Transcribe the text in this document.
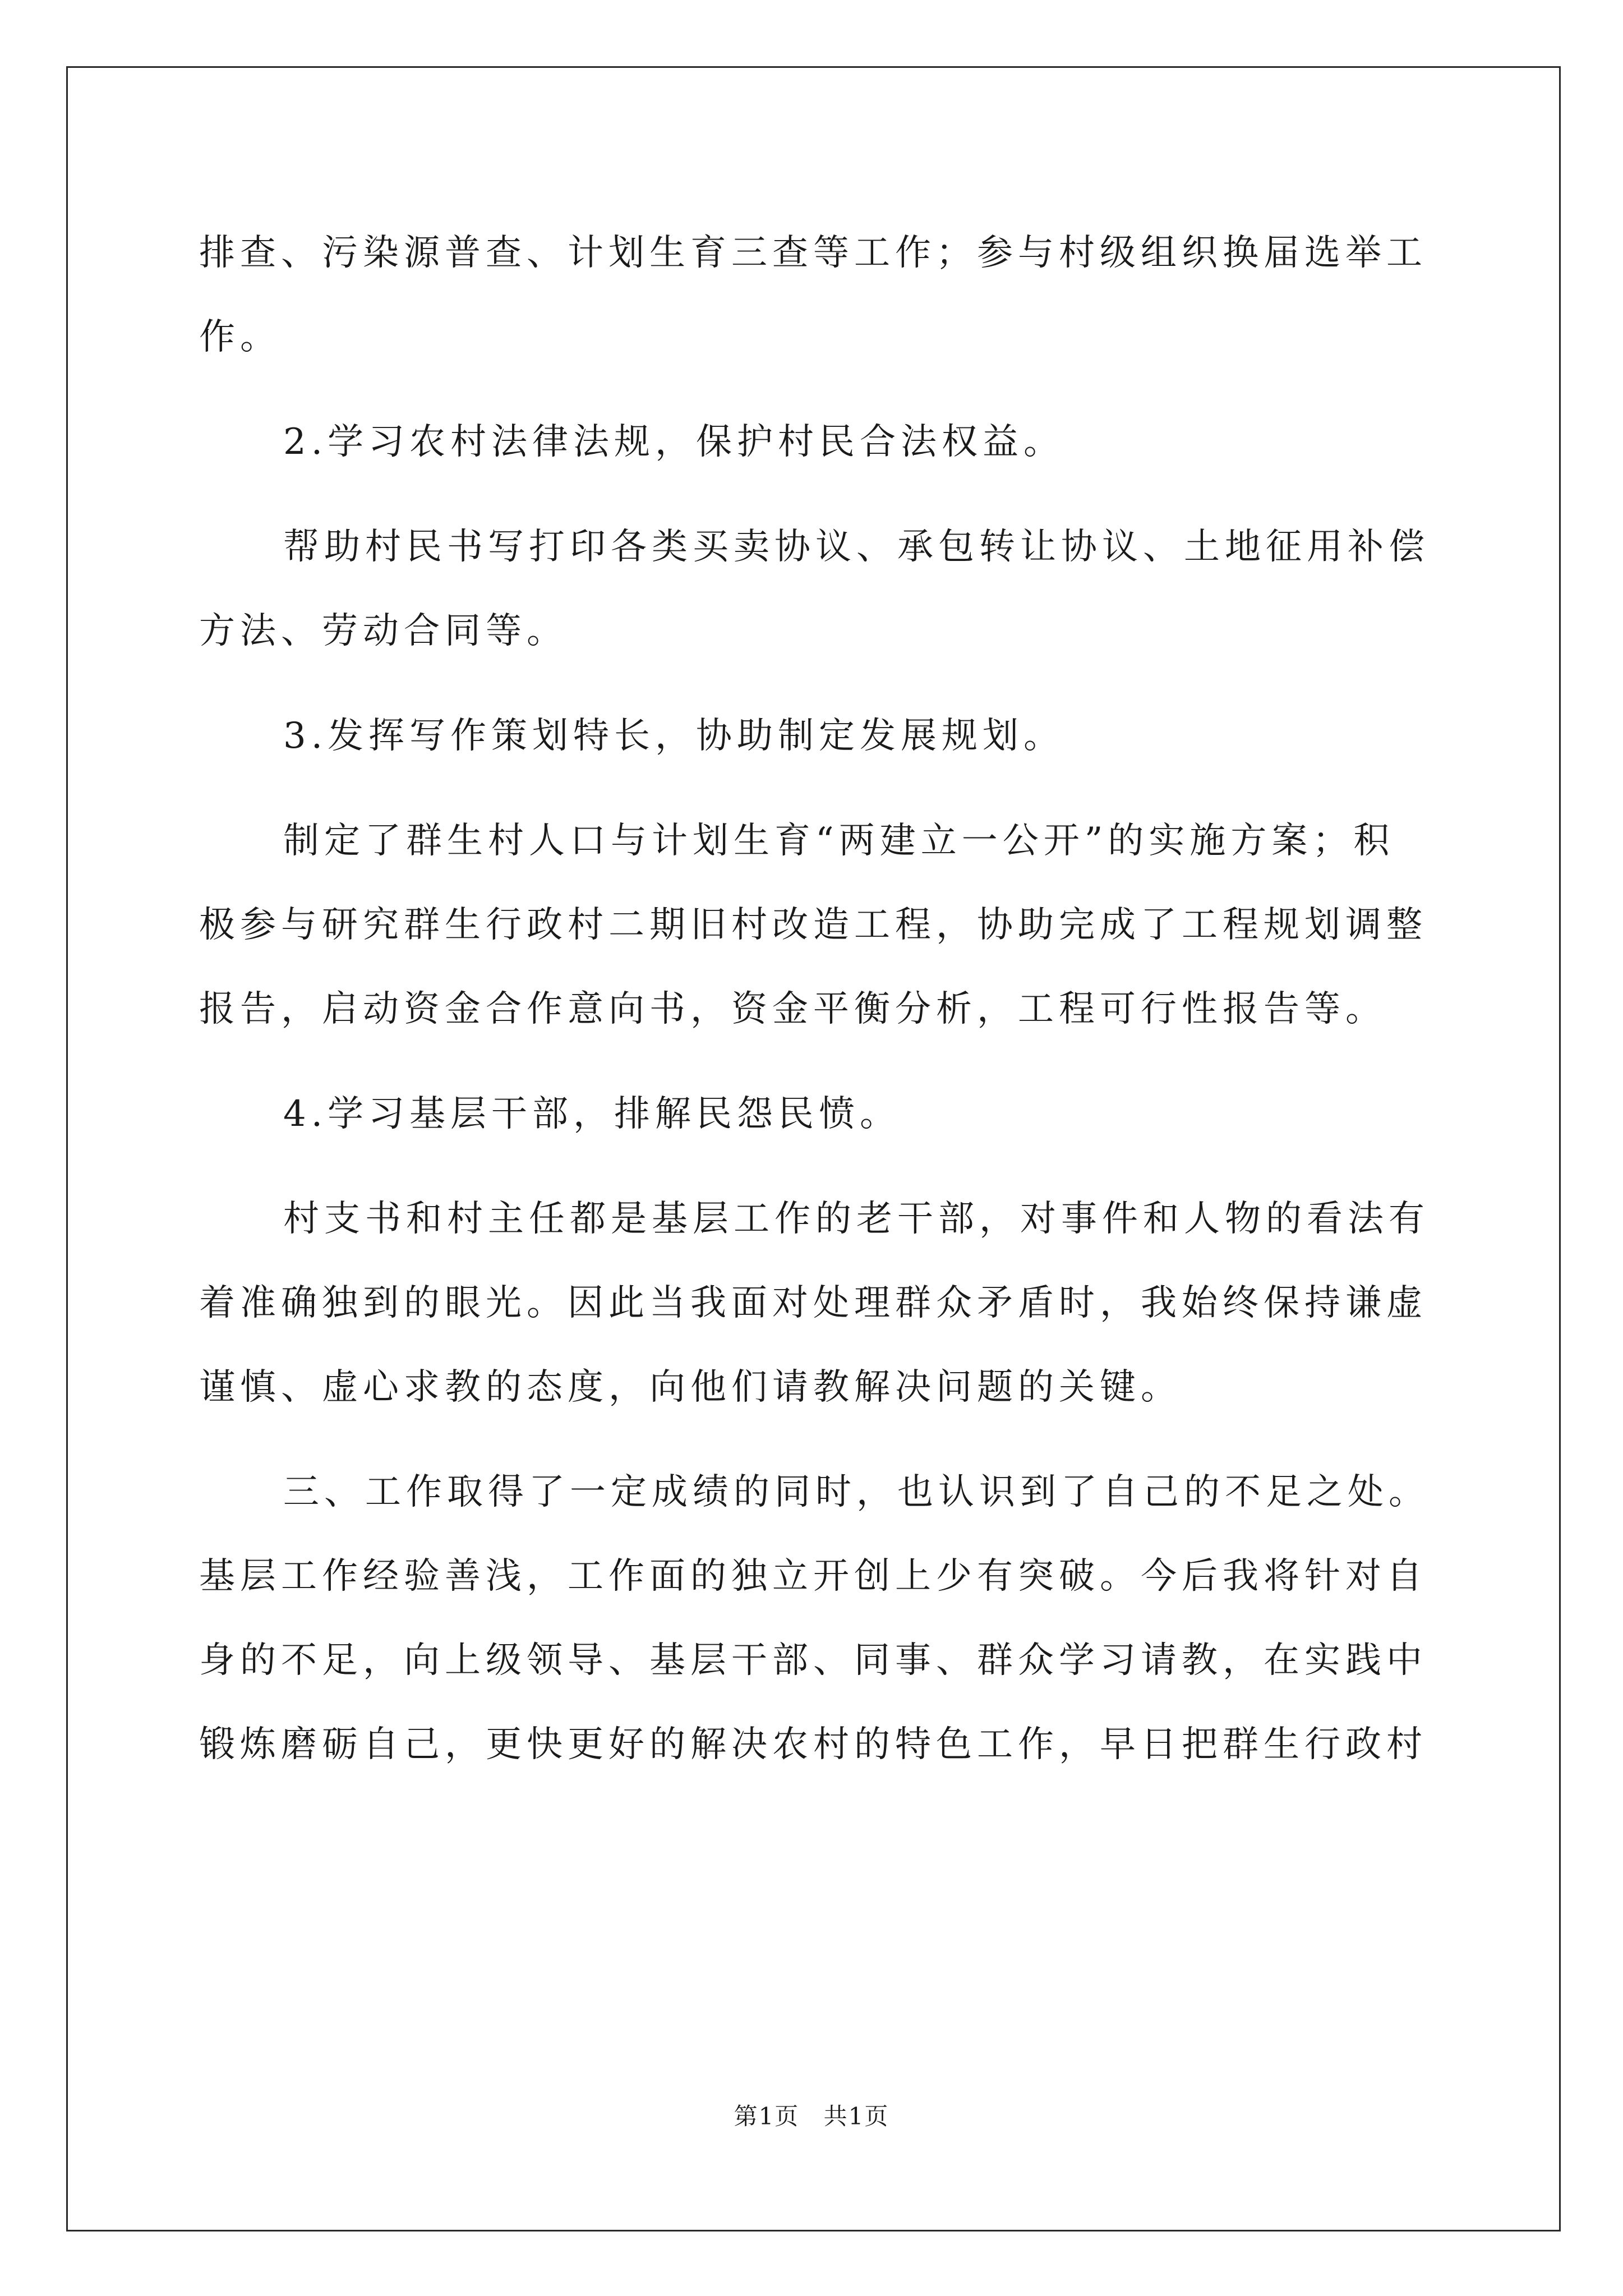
排查、污染源普查、计划生育三查等工作；参与村级组织换届选举工
作。
2.学习农村法律法规，保护村民合法权益。
帮助村民书写打印各类买卖协议、承包转让协议、土地征用补偿
方法、劳动合同等。
3.发挥写作策划特长，协助制定发展规划。
制定了群生村人口与计划生育“两建立一公开”的实施方案；积
极参与研究群生行政村二期旧村改造工程，协助完成了工程规划调整
报告，启动资金合作意向书，资金平衡分析，工程可行性报告等。
4.学习基层干部，排解民怨民愤。
村支书和村主任都是基层工作的老干部，对事件和人物的看法有
着准确独到的眼光。因此当我面对处理群众矛盾时，我始终保持谦虚
谨慎、虚心求教的态度，向他们请教解决问题的关键。
三、工作取得了一定成绩的同时，也认识到了自己的不足之处。
基层工作经验善浅，工作面的独立开创上少有突破。今后我将针对自
身的不足，向上级领导、基层干部、同事、群众学习请教，在实践中
锻炼磨砺自己，更快更好的解决农村的特色工作，早日把群生行政村
第1页 共1页
